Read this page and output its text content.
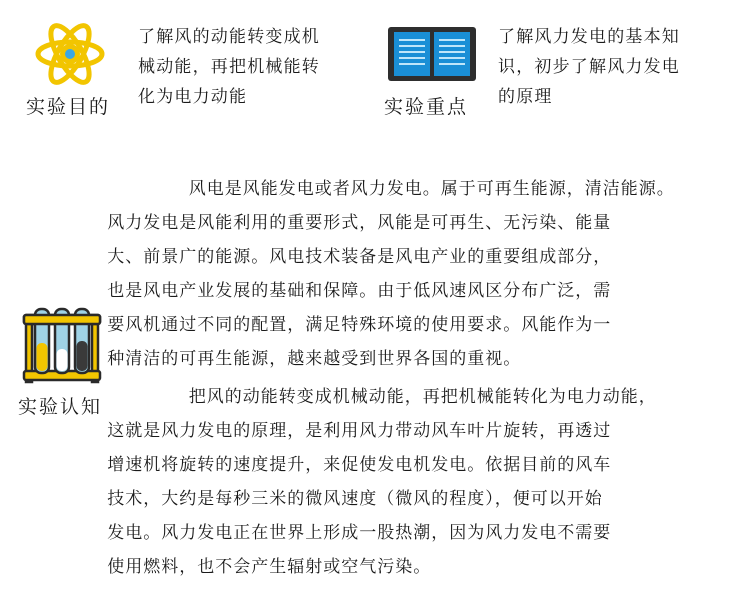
实验目的
了解风的动能转变成机
械动能，再把机械能转
化为电力动能	实验重点
了解风力发电的基本知
识，初步了解风力发电
的原理
实验认知

风电是风能发电或者风力发电。属于可再生能源，清洁能源。
风力发电是风能利用的重要形式，风能是可再生、无污染、能量
大、前景广的能源。风电技术装备是风电产业的重要组成部分，
也是风电产业发展的基础和保障。由于低风速风区分布广泛，需
要风机通过不同的配置，满足特殊环境的使用要求。风能作为一
种清洁的可再生能源，越来越受到世界各国的重视。

把风的动能转变成机械动能，再把机械能转化为电力动能，
这就是风力发电的原理，是利用风力带动风车叶片旋转，再透过
增速机将旋转的速度提升，来促使发电机发电。依据目前的风车
技术，大约是每秒三米的微风速度（微风的程度），便可以开始
发电。风力发电正在世界上形成一股热潮，因为风力发电不需要
使用燃料，也不会产生辐射或空气污染。
